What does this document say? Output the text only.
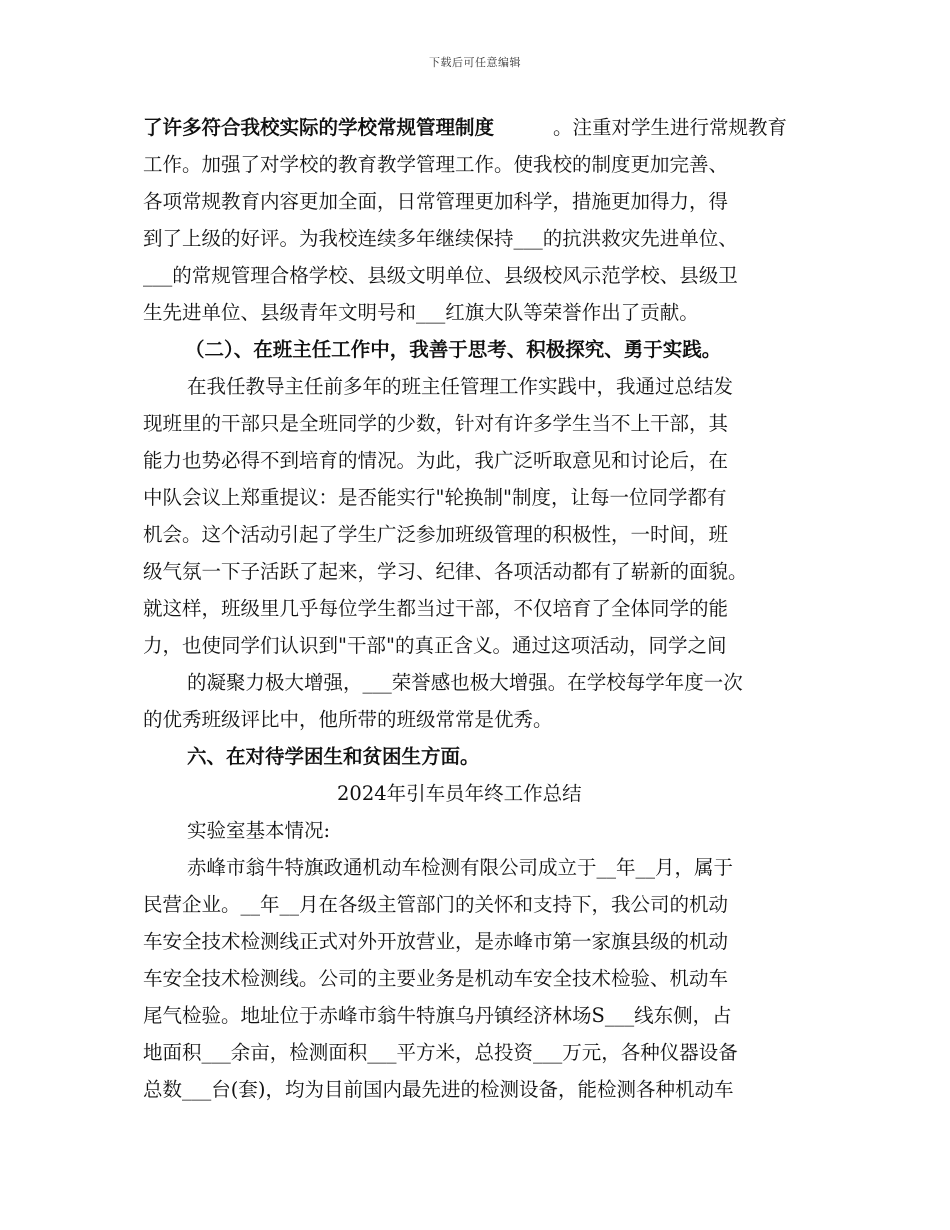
下载后可任意编辑
了许多符合我校实际的学校常规管理制度	。注重对学生进行常规教育
工作。加强了对学校的教育教学管理工作。使我校的制度更加完善、
各项常规教育内容更加全面，日常管理更加科学，措施更加得力，得
到了上级的好评。为我校连续多年继续保持___的抗洪救灾先进单位、
___的常规管理合格学校、县级文明单位、县级校风示范学校、县级卫
生先进单位、县级青年文明号和___红旗大队等荣誉作出了贡献。
（二）、在班主任工作中，我善于思考、积极探究、勇于实践。
在我任教导主任前多年的班主任管理工作实践中，我通过总结发
现班里的干部只是全班同学的少数，针对有许多学生当不上干部，其
能力也势必得不到培育的情况。为此，我广泛听取意见和讨论后，在
中队会议上郑重提议：是否能实行"轮换制"制度，让每一位同学都有
机会。这个活动引起了学生广泛参加班级管理的积极性，一时间，班
级气氛一下子活跃了起来，学习、纪律、各项活动都有了崭新的面貌。
就这样，班级里几乎每位学生都当过干部，不仅培育了全体同学的能
力，也使同学们认识到"干部"的真正含义。通过这项活动，同学之间
的凝聚力极大增强，___荣誉感也极大增强。在学校每学年度一次
的优秀班级评比中，他所带的班级常常是优秀。
六、在对待学困生和贫困生方面。
2024年引车员年终工作总结
实验室基本情况:
赤峰市翁牛特旗政通机动车检测有限公司成立于__年__月，属于
民营企业。__年__月在各级主管部门的关怀和支持下，我公司的机动
车安全技术检测线正式对外开放营业，是赤峰市第一家旗县级的机动
车安全技术检测线。公司的主要业务是机动车安全技术检验、机动车
尾气检验。地址位于赤峰市翁牛特旗乌丹镇经济林场S___线东侧，占
地面积___余亩，检测面积___平方米，总投资___万元，各种仪器设备
总数___台(套)，均为目前国内最先进的检测设备，能检测各种机动车
